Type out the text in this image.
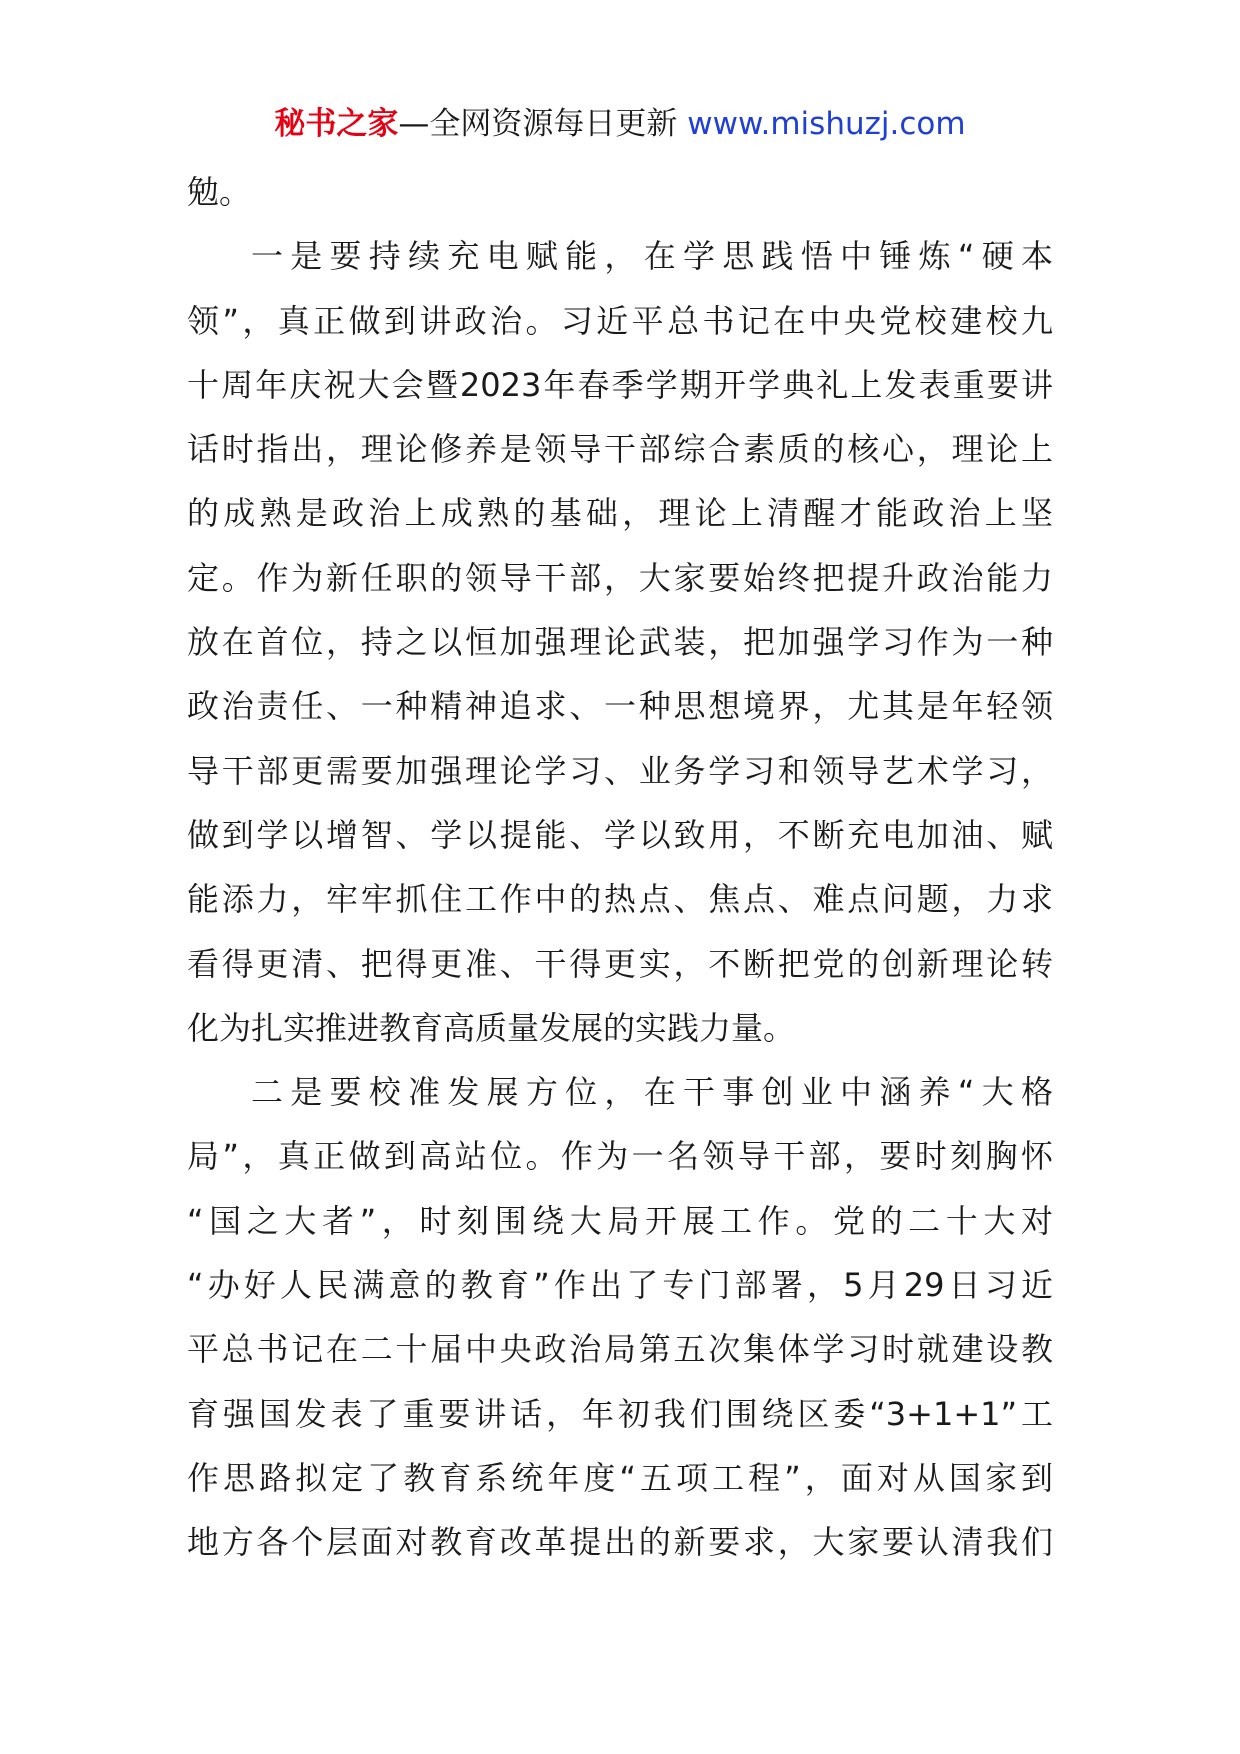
秘书之家—全网资源每日更新 www.mishuzj.com
勉。
一是要持续充电赋能，在学思践悟中锤炼“硬本
领”，真正做到讲政治。习近平总书记在中央党校建校九
十周年庆祝大会暨2023年春季学期开学典礼上发表重要讲
话时指出，理论修养是领导干部综合素质的核心，理论上
的成熟是政治上成熟的基础，理论上清醒才能政治上坚
定。作为新任职的领导干部，大家要始终把提升政治能力
放在首位，持之以恒加强理论武装，把加强学习作为一种
政治责任、一种精神追求、一种思想境界，尤其是年轻领
导干部更需要加强理论学习、业务学习和领导艺术学习，
做到学以增智、学以提能、学以致用，不断充电加油、赋
能添力，牢牢抓住工作中的热点、焦点、难点问题，力求
看得更清、把得更准、干得更实，不断把党的创新理论转
化为扎实推进教育高质量发展的实践力量。
二是要校准发展方位，在干事创业中涵养“大格
局”，真正做到高站位。作为一名领导干部，要时刻胸怀
“国之大者”，时刻围绕大局开展工作。党的二十大对
“办好人民满意的教育”作出了专门部署，5月29日习近
平总书记在二十届中央政治局第五次集体学习时就建设教
育强国发表了重要讲话，年初我们围绕区委“3+1+1”工
作思路拟定了教育系统年度“五项工程”，面对从国家到
地方各个层面对教育改革提出的新要求，大家要认清我们
